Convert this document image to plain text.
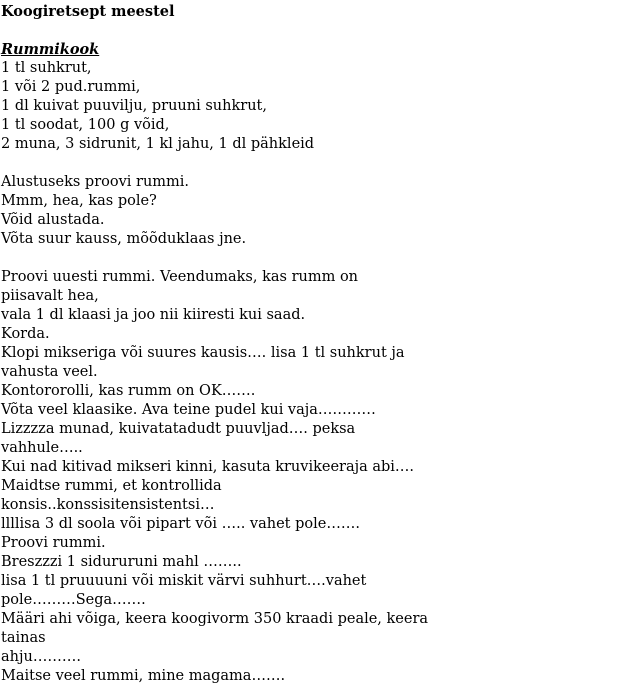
Koogiretsept meestel
Rummikook
1 tl suhkrut,
1 või 2 pud.rummi,
1 dl kuivat puuvilju, pruuni suhkrut,
1 tl soodat, 100 g võid,
2 muna, 3 sidrunit, 1 kl jahu, 1 dl pähkleid
Alustuseks proovi rummi.
Mmm, hea, kas pole?
Võid alustada.
Võta suur kauss, mõõduklaas jne.
Proovi uuesti rummi. Veendumaks, kas rumm on
piisavalt hea,
vala 1 dl klaasi ja joo nii kiiresti kui saad.
Korda.
Klopi mikseriga või suures kausis…. lisa 1 tl suhkrut ja
vahusta veel.
Kontororolli, kas rumm on OK…….
Võta veel klaasike. Ava teine pudel kui vaja…………
Lizzzza munad, kuivatatadudt puuvljad…. peksa
vahhule…..
Kui nad kitivad mikseri kinni, kasuta kruvikeeraja abi….
Maidtse rummi, et kontrollida
konsis..konssisitensistentsi…
llllisa 3 dl soola või pipart või ….. vahet pole…….
Proovi rummi.
Breszzzi 1 sidururuni mahl ……..
lisa 1 tl pruuuuni või miskit värvi suhhurt….vahet
pole………Sega…….
Määri ahi võiga, keera koogivorm 350 kraadi peale, keera
tainas
ahju……….
Maitse veel rummi, mine magama…….
